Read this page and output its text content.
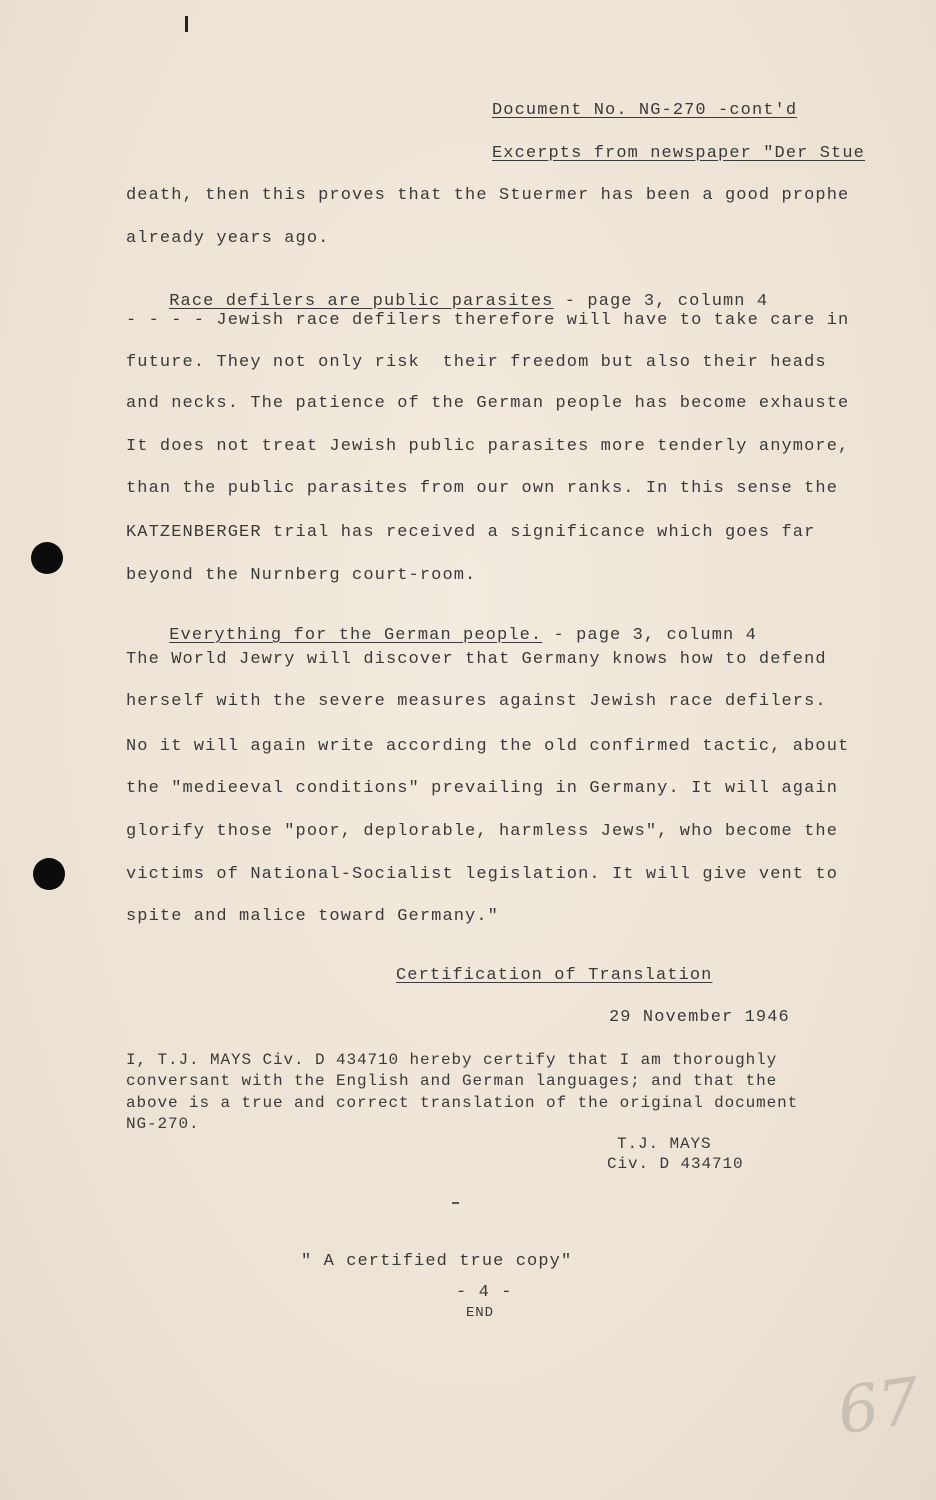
Document No. NG-270 -cont'd
Excerpts from newspaper "Der Stue
death, then this proves that the Stuermer has been a good prophe
already years ago.

Race defilers are public parasites - page 3, column 4

- - - - Jewish race defilers therefore will have to take care in
future. They not only risk  their freedom but also their heads
and necks. The patience of the German people has become exhauste
It does not treat Jewish public parasites more tenderly anymore,
than the public parasites from our own ranks. In this sense the
KATZENBERGER trial has received a significance which goes far
beyond the Nurnberg court-room.

Everything for the German people. - page 3, column 4

The World Jewry will discover that Germany knows how to defend
herself with the severe measures against Jewish race defilers.
No it will again write according the old confirmed tactic, about
the "medieeval conditions" prevailing in Germany. It will again
glorify those "poor, deplorable, harmless Jews", who become the
victims of National-Socialist legislation. It will give vent to
spite and malice toward Germany."
Certification of Translation
29 November 1946
I, T.J. MAYS Civ. D 434710 hereby certify that I am thoroughly
conversant with the English and German languages; and that the
above is a true and correct translation of the original document
NG-270.
T.J. MAYS
Civ. D 434710
" A certified true copy"
- 4 -
END
67
